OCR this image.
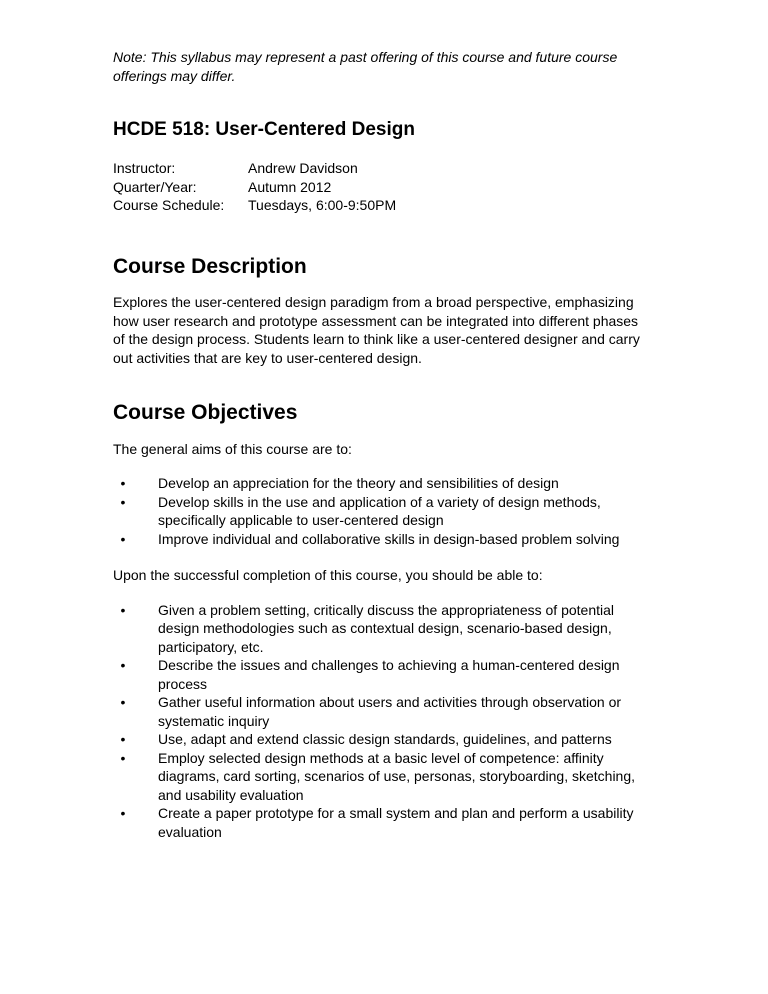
Note: This syllabus may represent a past offering of this course and future course offerings may differ.

HCDE 518: User-Centered Design
Instructor:	Andrew Davidson
Quarter/Year:	Autumn 2012
Course Schedule:	Tuesdays, 6:00-9:50PM
Course Description

Explores the user-centered design paradigm from a broad perspective, emphasizing how user research and prototype assessment can be integrated into different phases of the design process. Students learn to think like a user-centered designer and carry out activities that are key to user-centered design.

Course Objectives

The general aims of this course are to:

• Develop an appreciation for the theory and sensibilities of design
• Develop skills in the use and application of a variety of design methods, specifically applicable to user-centered design
• Improve individual and collaborative skills in design-based problem solving

Upon the successful completion of this course, you should be able to:

• Given a problem setting, critically discuss the appropriateness of potential design methodologies such as contextual design, scenario-based design, participatory, etc.
• Describe the issues and challenges to achieving a human-centered design process
• Gather useful information about users and activities through observation or systematic inquiry
• Use, adapt and extend classic design standards, guidelines, and patterns
• Employ selected design methods at a basic level of competence: affinity diagrams, card sorting, scenarios of use, personas, storyboarding, sketching, and usability evaluation
• Create a paper prototype for a small system and plan and perform a usability evaluation
